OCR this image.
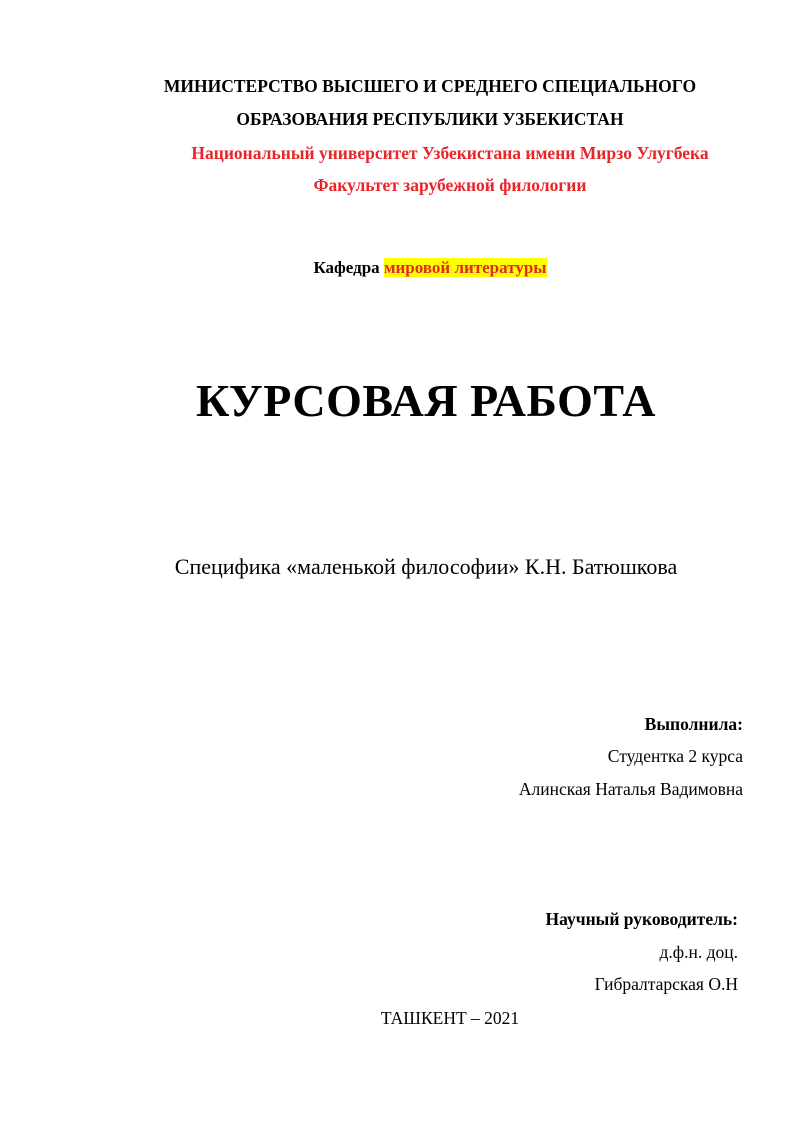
МИНИСТЕРСТВО ВЫСШЕГО И СРЕДНЕГО СПЕЦИАЛЬНОГО
ОБРАЗОВАНИЯ РЕСПУБЛИКИ УЗБЕКИСТАН
Национальный университет Узбекистана имени Мирзо Улугбека
Факультет зарубежной филологии
Кафедра мировой литературы
КУРСОВАЯ РАБОТА
Специфика «маленькой философии» К.Н. Батюшкова
Выполнила:
Студентка 2 курса
Алинская Наталья Вадимовна
Научный руководитель:
д.ф.н. доц.
Гибралтарская О.Н
ТАШКЕНТ – 2021
